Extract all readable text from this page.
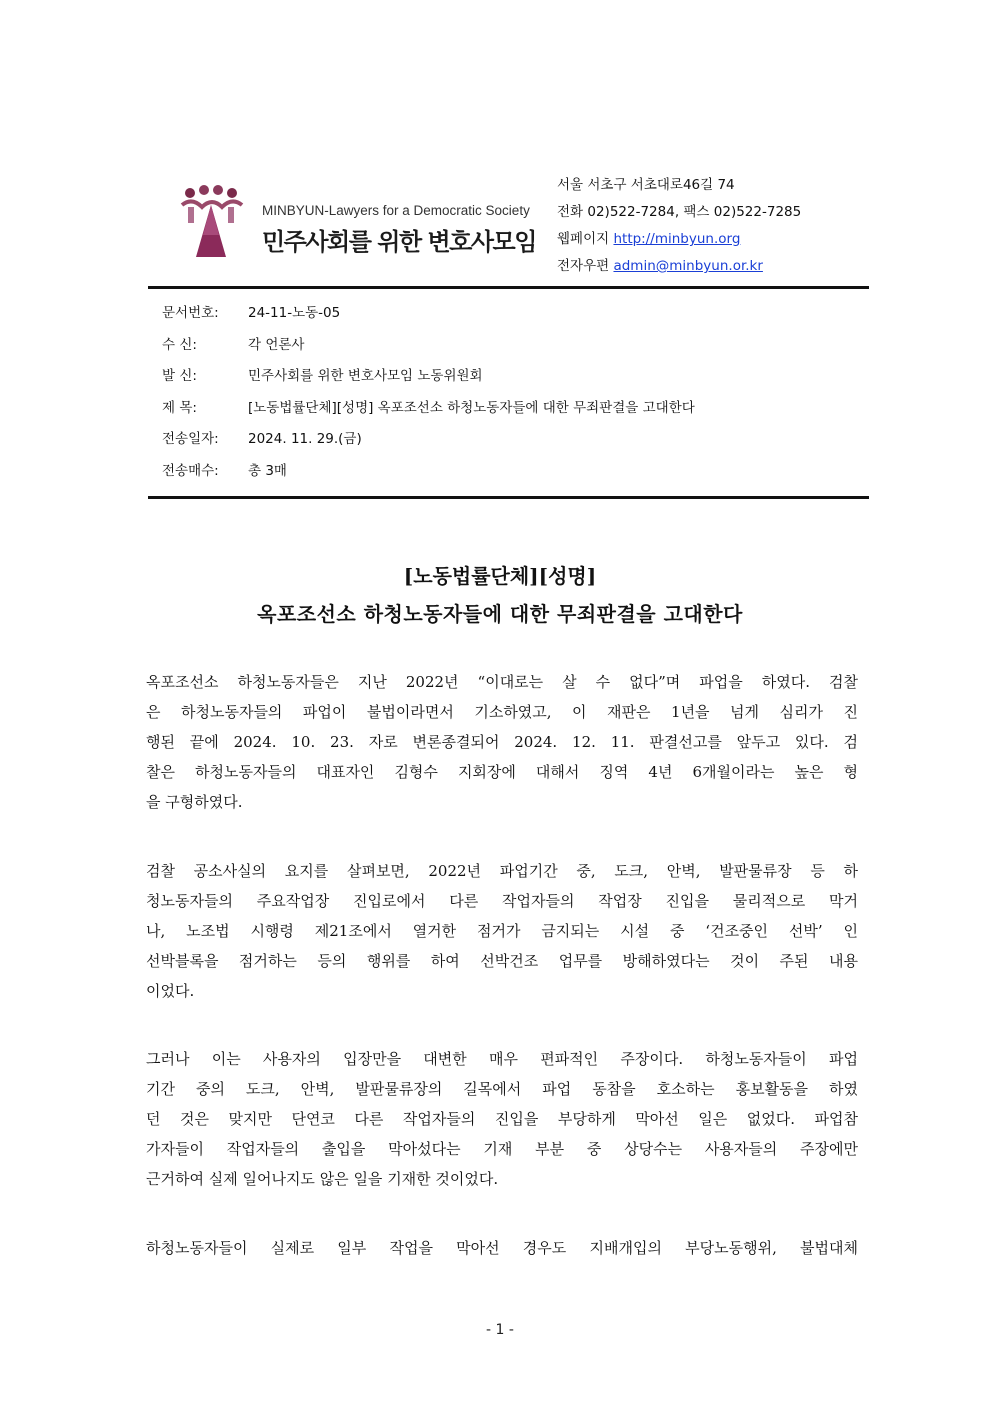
MINBYUN-Lawyers for a Democratic Society
민주사회를 위한 변호사모임
서울 서초구 서초대로46길 74
전화 02)522-7284, 팩스 02)522-7285
웹페이지 http://minbyun.org
전자우편 admin@minbyun.or.kr
문서번호:	24-11-노동-05
수 신:	각 언론사
발 신:	민주사회를 위한 변호사모임 노동위원회
제 목:	[노동법률단체][성명] 옥포조선소 하청노동자들에 대한 무죄판결을 고대한다
전송일자:	2024. 11. 29.(금)
전송매수:	총 3매
[노동법률단체][성명]
옥포조선소 하청노동자들에 대한 무죄판결을 고대한다
옥포조선소 하청노동자들은 지난 2022년 “이대로는 살 수 없다”며 파업을 하였다. 검찰
은 하청노동자들의 파업이 불법이라면서 기소하였고, 이 재판은 1년을 넘게 심리가 진
행된 끝에 2024. 10. 23. 자로 변론종결되어 2024. 12. 11. 판결선고를 앞두고 있다. 검
찰은 하청노동자들의 대표자인 김형수 지회장에 대해서 징역 4년 6개월이라는 높은 형
을 구형하였다.
검찰 공소사실의 요지를 살펴보면, 2022년 파업기간 중, 도크, 안벽, 발판물류장 등 하
청노동자들의 주요작업장 진입로에서 다른 작업자들의 작업장 진입을 물리적으로 막거
나, 노조법 시행령 제21조에서 열거한 점거가 금지되는 시설 중 ‘건조중인 선박’ 인
선박블록을 점거하는 등의 행위를 하여 선박건조 업무를 방해하였다는 것이 주된 내용
이었다.
그러나 이는 사용자의 입장만을 대변한 매우 편파적인 주장이다. 하청노동자들이 파업
기간 중의 도크, 안벽, 발판물류장의 길목에서 파업 동참을 호소하는 홍보활동을 하였
던 것은 맞지만 단연코 다른 작업자들의 진입을 부당하게 막아선 일은 없었다. 파업참
가자들이 작업자들의 출입을 막아섰다는 기재 부분 중 상당수는 사용자들의 주장에만
근거하여 실제 일어나지도 않은 일을 기재한 것이었다.
하청노동자들이 실제로 일부 작업을 막아선 경우도 지배개입의 부당노동행위, 불법대체
- 1 -
